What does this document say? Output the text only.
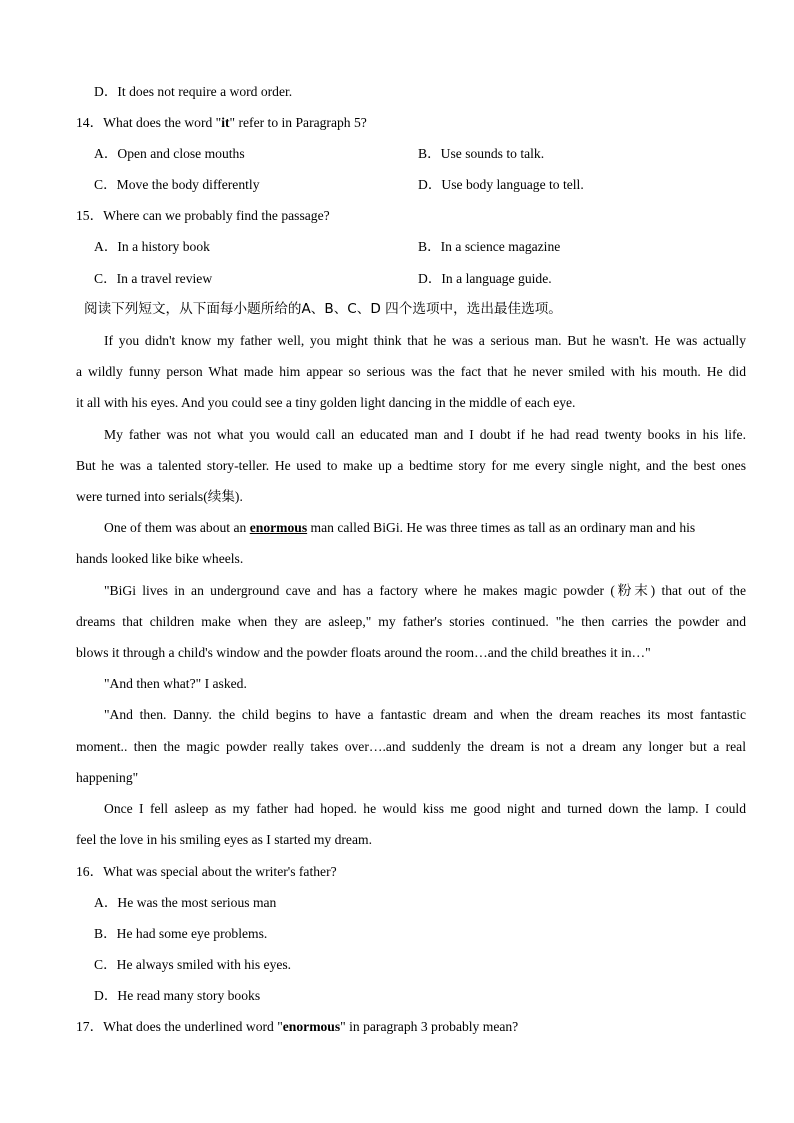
D．It does not require a word order.
14．What does the word "it" refer to in Paragraph 5?
A．Open and close mouths	B．Use sounds to talk.
C．Move the body differently	D．Use body language to tell.
15．Where can we probably find the passage?
A．In a history book	B．In a science magazine
C．In a travel review	D．In a language guide.
阅读下列短文，从下面每小题所给的A、B、C、D 四个选项中，选出最佳选项。
If you didn't know my father well, you might think that he was a serious man. But he wasn't. He was actually
a wildly funny person What made him appear so serious was the fact that he never smiled with his mouth. He did
it all with his eyes. And you could see a tiny golden light dancing in the middle of each eye.
My father was not what you would call an educated man and I doubt if he had read twenty books in his life.
But he was a talented story-teller. He used to make up a bedtime story for me every single night, and the best ones
were turned into serials(续集).
One of them was about an enormous man called BiGi. He was three times as tall as an ordinary man and his
hands looked like bike wheels.
"BiGi lives in an underground cave and has a factory where he makes magic powder (粉末) that out of the
dreams that children make when they are asleep," my father's stories continued. "he then carries the powder and
blows it through a child's window and the powder floats around the room…and the child breathes it in…"
"And then what?" I asked.
"And then. Danny. the child begins to have a fantastic dream and when the dream reaches its most fantastic
moment.. then the magic powder really takes over….and suddenly the dream is not a dream any longer but a real
happening"
Once I fell asleep as my father had hoped. he would kiss me good night and turned down the lamp. I could
feel the love in his smiling eyes as I started my dream.
16．What was special about the writer's father?
A．He was the most serious man
B．He had some eye problems.
C．He always smiled with his eyes.
D．He read many story books
17．What does the underlined word "enormous" in paragraph 3 probably mean?
